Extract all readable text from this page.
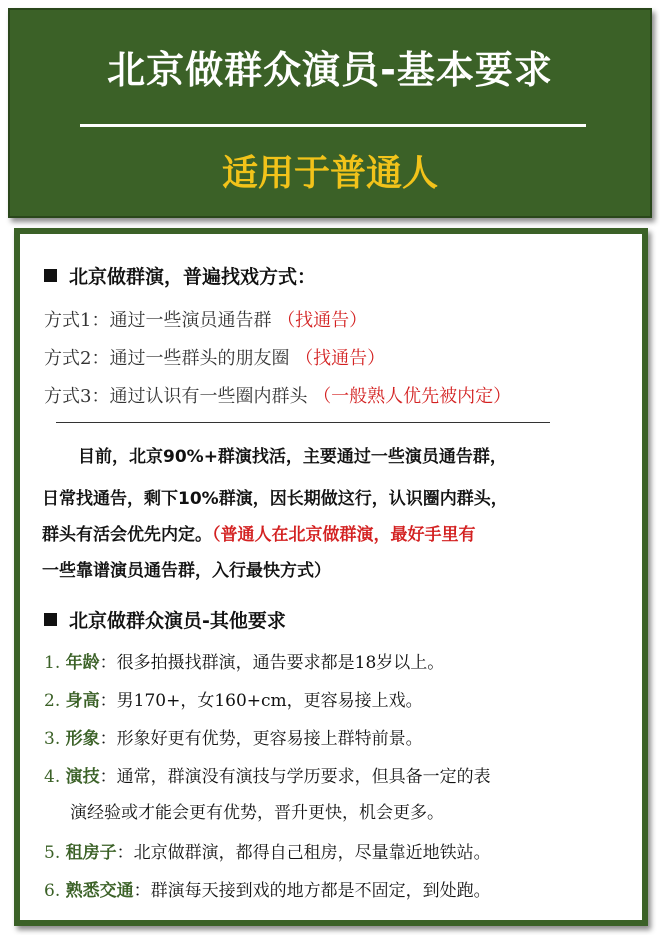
北京做群众演员-基本要求
适用于普通人
北京做群演，普遍找戏方式：
方式1：通过一些演员通告群 （找通告）
方式2：通过一些群头的朋友圈 （找通告）
方式3：通过认识有一些圈内群头 （一般熟人优先被内定）
目前，北京90%+群演找活，主要通过一些演员通告群，
日常找通告，剩下10%群演，因长期做这行，认识圈内群头，
群头有活会优先内定。（普通人在北京做群演，最好手里有
一些靠谱演员通告群，入行最快方式）
北京做群众演员-其他要求
1. 年龄：很多拍摄找群演，通告要求都是18岁以上。
2. 身高：男170+，女160+cm，更容易接上戏。
3. 形象：形象好更有优势，更容易接上群特前景。
4. 演技：通常，群演没有演技与学历要求，但具备一定的表
演经验或才能会更有优势，晋升更快，机会更多。
5. 租房子：北京做群演，都得自己租房，尽量靠近地铁站。
6. 熟悉交通：群演每天接到戏的地方都是不固定，到处跑。
